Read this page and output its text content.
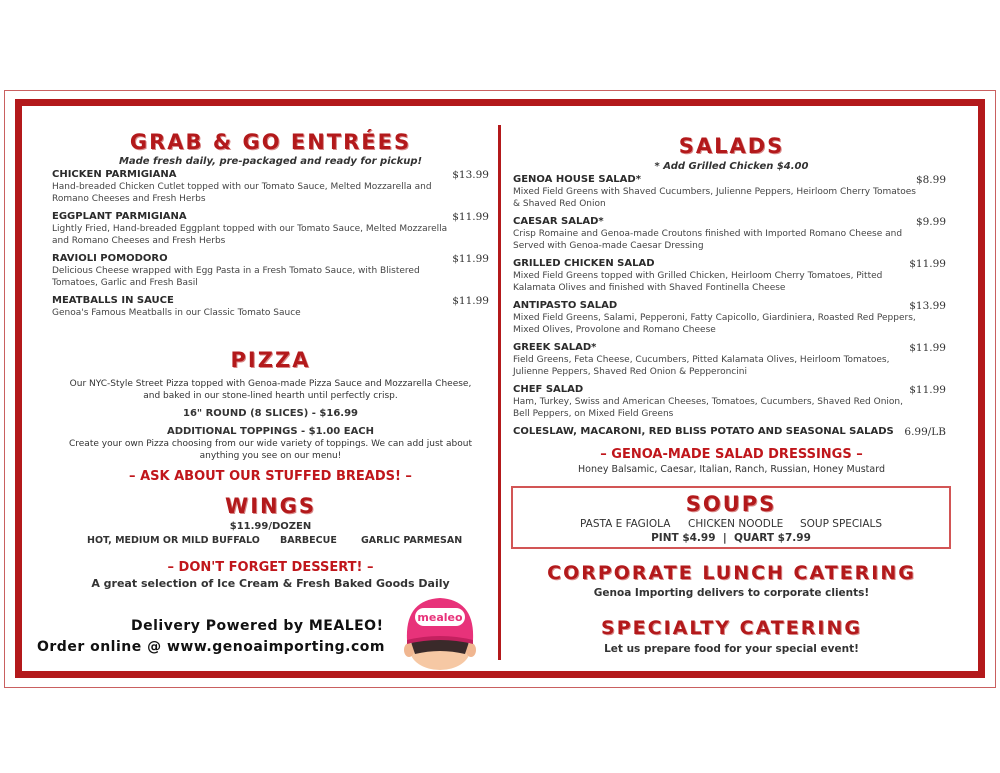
GRAB & GO ENTRÉES
Made fresh daily, pre-packaged and ready for pickup!
CHICKEN PARMIGIANA	$13.99
Hand-breaded Chicken Cutlet topped with our Tomato Sauce, Melted Mozzarella and Romano Cheeses and Fresh Herbs
EGGPLANT PARMIGIANA	$11.99
Lightly Fried, Hand-breaded Eggplant topped with our Tomato Sauce, Melted Mozzarella and Romano Cheeses and Fresh Herbs
RAVIOLI POMODORO	$11.99
Delicious Cheese wrapped with Egg Pasta in a Fresh Tomato Sauce, with Blistered Tomatoes, Garlic and Fresh Basil
MEATBALLS IN SAUCE	$11.99
Genoa's Famous Meatballs in our Classic Tomato Sauce
PIZZA
Our NYC-Style Street Pizza topped with Genoa-made Pizza Sauce and Mozzarella Cheese, and baked in our stone-lined hearth until perfectly crisp.
16" ROUND (8 SLICES) - $16.99
ADDITIONAL TOPPINGS - $1.00 EACH
Create your own Pizza choosing from our wide variety of toppings. We can add just about anything you see on our menu!
– ASK ABOUT OUR STUFFED BREADS! –
WINGS
$11.99/DOZEN
HOT, MEDIUM OR MILD BUFFALO BARBECUE	GARLIC PARMESAN
– DON'T FORGET DESSERT! –
A great selection of Ice Cream & Fresh Baked Goods Daily
Delivery Powered by MEALEO!
Order online @ www.genoaimporting.com
mealeo
SALADS
* Add Grilled Chicken $4.00
GENOA HOUSE SALAD*	$8.99
Mixed Field Greens with Shaved Cucumbers, Julienne Peppers, Heirloom Cherry Tomatoes & Shaved Red Onion
CAESAR SALAD*	$9.99
Crisp Romaine and Genoa-made Croutons finished with Imported Romano Cheese and Served with Genoa-made Caesar Dressing
GRILLED CHICKEN SALAD	$11.99
Mixed Field Greens topped with Grilled Chicken, Heirloom Cherry Tomatoes, Pitted Kalamata Olives and finished with Shaved Fontinella Cheese
ANTIPASTO SALAD	$13.99
Mixed Field Greens, Salami, Pepperoni, Fatty Capicollo, Giardiniera, Roasted Red Peppers, Mixed Olives, Provolone and Romano Cheese
GREEK SALAD*	$11.99
Field Greens, Feta Cheese, Cucumbers, Pitted Kalamata Olives, Heirloom Tomatoes, Julienne Peppers, Shaved Red Onion & Pepperoncini
CHEF SALAD	$11.99
Ham, Turkey, Swiss and American Cheeses, Tomatoes, Cucumbers, Shaved Red Onion, Bell Peppers, on Mixed Field Greens
COLESLAW, MACARONI, RED BLISS POTATO AND SEASONAL SALADS	6.99/LB
– GENOA-MADE SALAD DRESSINGS –
Honey Balsamic, Caesar, Italian, Ranch, Russian, Honey Mustard
SOUPS
PASTA E FAGIOLA CHICKEN NOODLE SOUP SPECIALS
PINT $4.99  |  QUART $7.99
CORPORATE LUNCH CATERING
Genoa Importing delivers to corporate clients!
SPECIALTY CATERING
Let us prepare food for your special event!
